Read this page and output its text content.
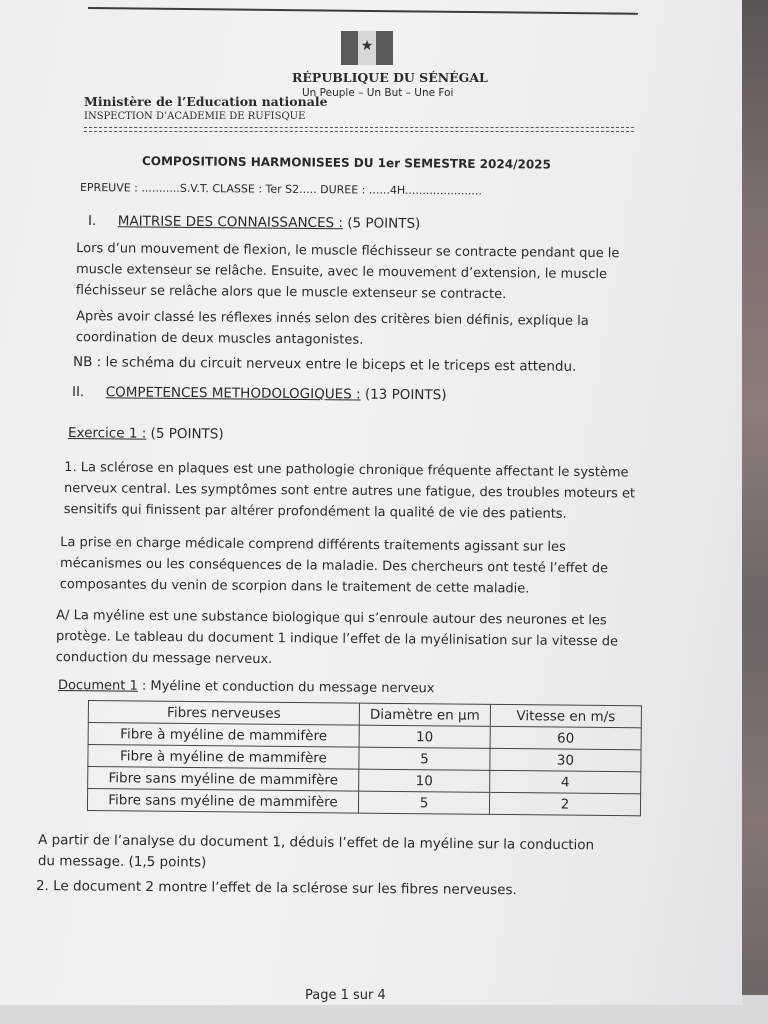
★
RÉPUBLIQUE DU SÉNÉGAL
Un Peuple – Un But – Une Foi
Ministère de l’Education nationale
INSPECTION D’ACADEMIE DE RUFISQUE
COMPOSITIONS HARMONISEES DU 1er SEMESTRE 2024/2025
EPREUVE : ...........S.V.T. CLASSE : Ter S2..... DUREE : ......4H......................
I. MAITRISE DES CONNAISSANCES : (5 POINTS)
Lors d’un mouvement de flexion, le muscle fléchisseur se contracte pendant que le
muscle extenseur se relâche. Ensuite, avec le mouvement d’extension, le muscle
fléchisseur se relâche alors que le muscle extenseur se contracte.
Après avoir classé les réflexes innés selon des critères bien définis, explique la
coordination de deux muscles antagonistes.
NB : le schéma du circuit nerveux entre le biceps et le triceps est attendu.
II. COMPETENCES METHODOLOGIQUES : (13 POINTS)
Exercice 1 : (5 POINTS)
1. La sclérose en plaques est une pathologie chronique fréquente affectant le système
nerveux central. Les symptômes sont entre autres une fatigue, des troubles moteurs et
sensitifs qui finissent par altérer profondément la qualité de vie des patients.
La prise en charge médicale comprend différents traitements agissant sur les
mécanismes ou les conséquences de la maladie. Des chercheurs ont testé l’effet de
composantes du venin de scorpion dans le traitement de cette maladie.
A/ La myéline est une substance biologique qui s’enroule autour des neurones et les
protège. Le tableau du document 1 indique l’effet de la myélinisation sur la vitesse de
conduction du message nerveux.
Document 1 : Myéline et conduction du message nerveux
Fibres nerveuses	Diamètre en µm	Vitesse en m/s
Fibre à myéline de mammifère	10	60
Fibre à myéline de mammifère	5	30
Fibre sans myéline de mammifère	10	4
Fibre sans myéline de mammifère	5	2
A partir de l’analyse du document 1, déduis l’effet de la myéline sur la conduction
du message. (1,5 points)
2. Le document 2 montre l’effet de la sclérose sur les fibres nerveuses.
Page 1 sur 4
